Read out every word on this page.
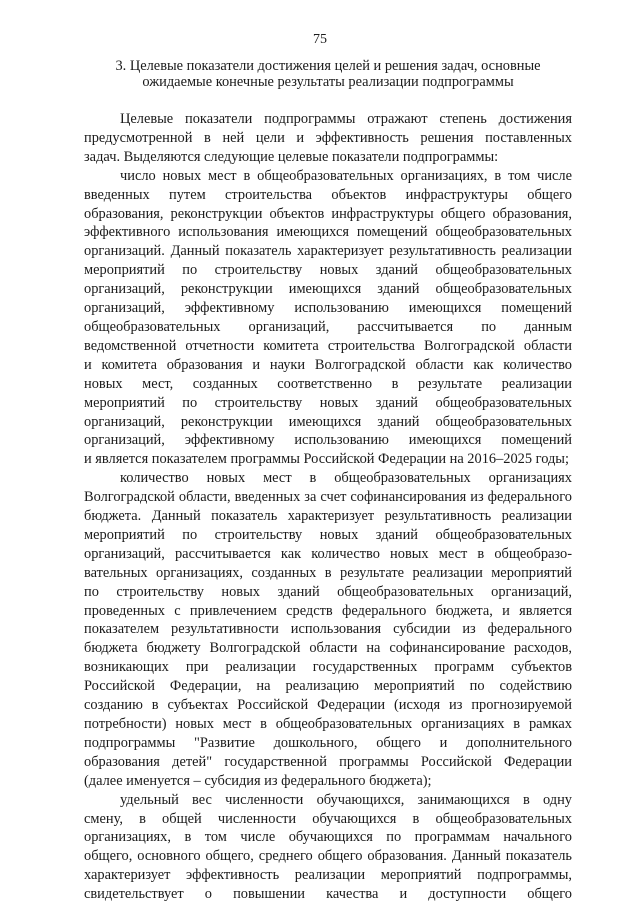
75
3. Целевые показатели достижения целей и решения задач, основные
ожидаемые конечные результаты реализации подпрограммы
Целевые показатели подпрограммы отражают степень достижения
предусмотренной в ней цели и эффективность решения поставленных
задач. Выделяются следующие целевые показатели подпрограммы:
число новых мест в общеобразовательных организациях, в том числе
введенных путем строительства объектов инфраструктуры общего
образования, реконструкции объектов инфраструктуры общего образования,
эффективного использования имеющихся помещений общеобразовательных
организаций. Данный показатель характеризует результативность реализации
мероприятий по строительству новых зданий общеобразовательных
организаций, реконструкции имеющихся зданий общеобразовательных
организаций, эффективному использованию имеющихся помещений
общеобразовательных организаций, рассчитывается по данным
ведомственной отчетности комитета строительства Волгоградской области
и комитета образования и науки Волгоградской области как количество
новых мест, созданных соответственно в результате реализации
мероприятий по строительству новых зданий общеобразовательных
организаций, реконструкции имеющихся зданий общеобразовательных
организаций, эффективному использованию имеющихся помещений
и является показателем программы Российской Федерации на 2016–2025 годы;
количество новых мест в общеобразовательных организациях
Волгоградской области, введенных за счет софинансирования из федерального
бюджета. Данный показатель характеризует результативность реализации
мероприятий по строительству новых зданий общеобразовательных
организаций, рассчитывается как количество новых мест в общеобразо-
вательных организациях, созданных в результате реализации мероприятий
по строительству новых зданий общеобразовательных организаций,
проведенных с привлечением средств федерального бюджета, и является
показателем результативности использования субсидии из федерального
бюджета бюджету Волгоградской области на софинансирование расходов,
возникающих при реализации государственных программ субъектов
Российской Федерации, на реализацию мероприятий по содействию
созданию в субъектах Российской Федерации (исходя из прогнозируемой
потребности) новых мест в общеобразовательных организациях в рамках
подпрограммы "Развитие дошкольного, общего и дополнительного
образования детей" государственной программы Российской Федерации
(далее именуется – субсидия из федерального бюджета);
удельный вес численности обучающихся, занимающихся в одну
смену, в общей численности обучающихся в общеобразовательных
организациях, в том числе обучающихся по программам начального
общего, основного общего, среднего общего образования. Данный показатель
характеризует эффективность реализации мероприятий подпрограммы,
свидетельствует о повышении качества и доступности общего
